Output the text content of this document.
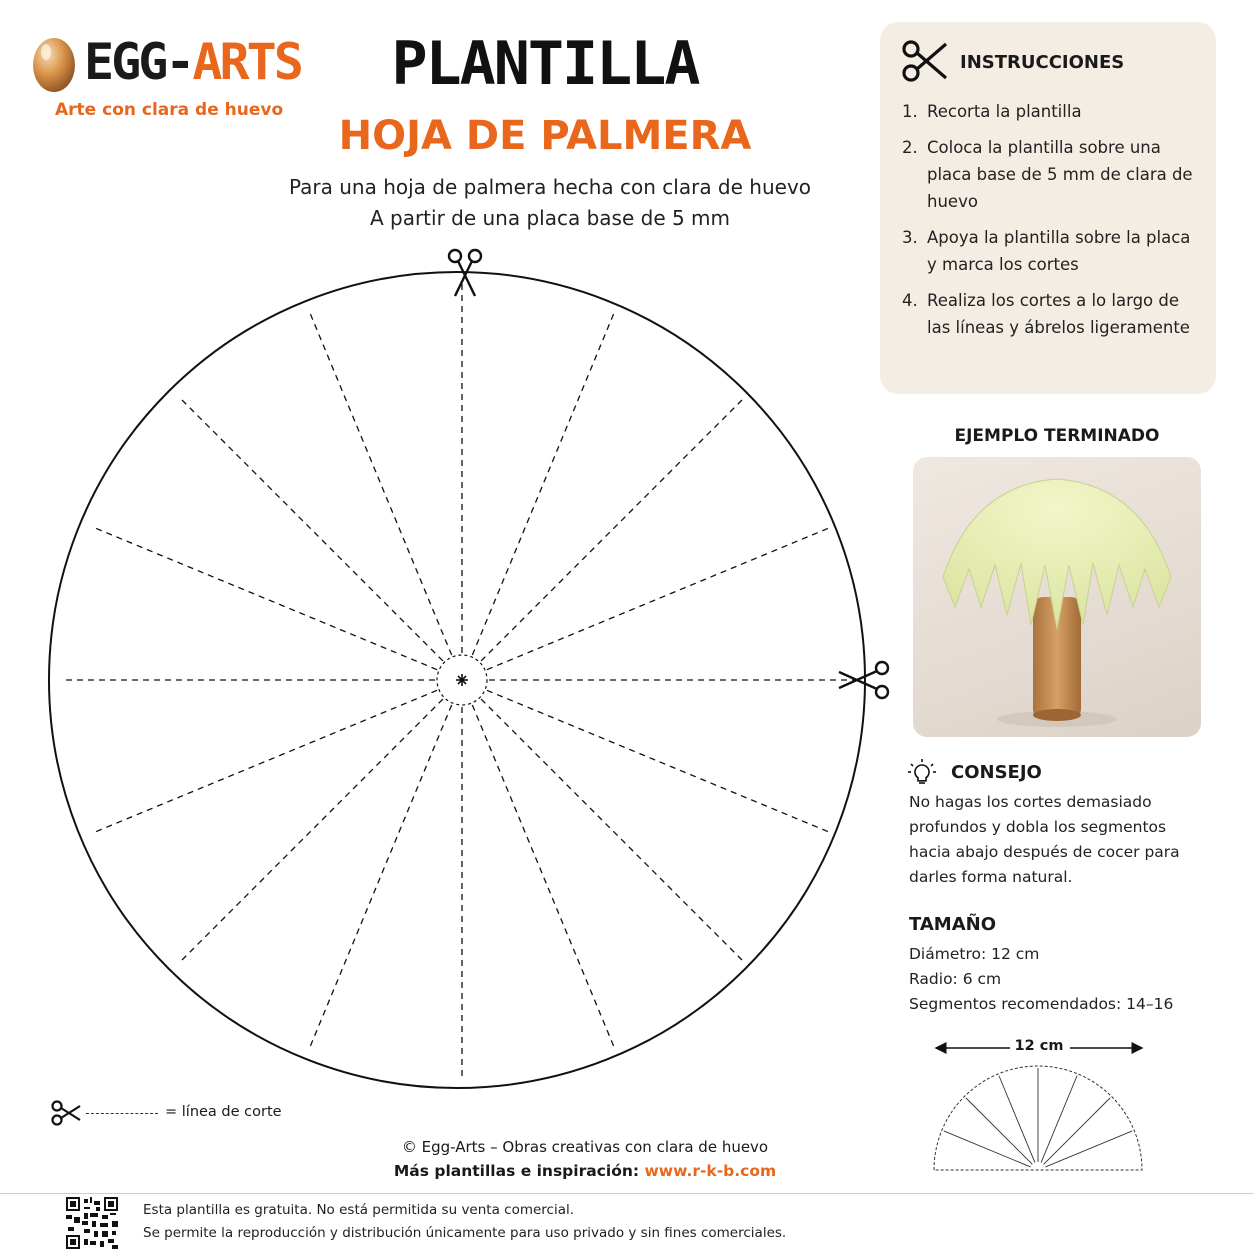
EGG-ARTS
Arte con clara de huevo
PLANTILLA
HOJA DE PALMERA
Para una hoja de palmera hecha con clara de huevo
A partir de una placa base de 5 mm
INSTRUCCIONES
1. Recorta la plantilla
2. Coloca la plantilla sobre una placa base de 5 mm de clara de huevo
3. Apoya la plantilla sobre la placa y marca los cortes
4. Realiza los cortes a lo largo de las líneas y ábrelos ligeramente
EJEMPLO TERMINADO
CONSEJO
No hagas los cortes demasiado profundos y dobla los segmentos hacia abajo después de cocer para darles forma natural.
TAMAÑO
Diámetro: 12 cm
Radio: 6 cm
Segmentos recomendados: 14–16
12 cm
= línea de corte
© Egg-Arts – Obras creativas con clara de huevo
Más plantillas e inspiración: www.r-k-b.com
Esta plantilla es gratuita. No está permitida su venta comercial.
Se permite la reproducción y distribución únicamente para uso privado y sin fines comerciales.
